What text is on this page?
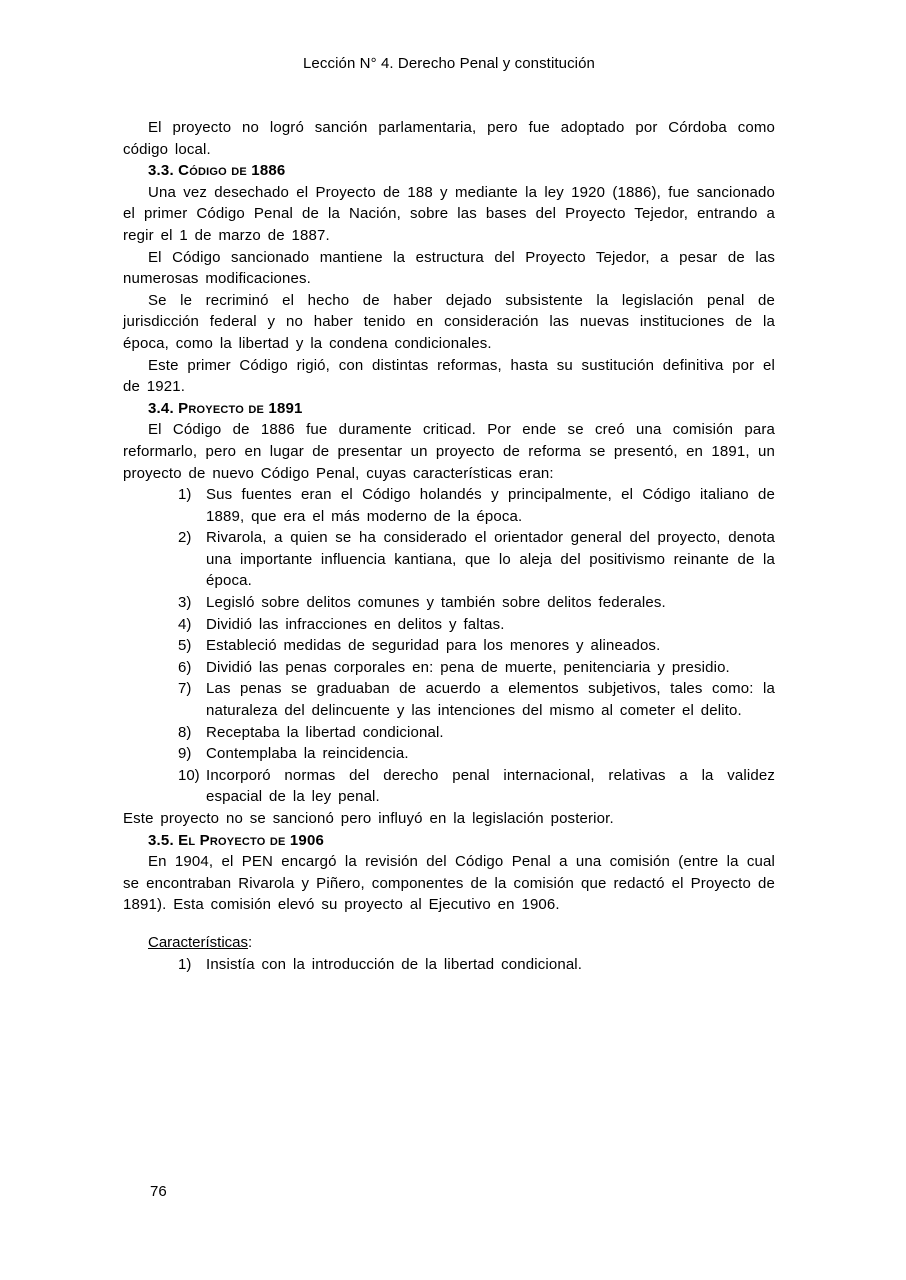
Lección N° 4. Derecho Penal y constitución

El proyecto no logró sanción parlamentaria, pero fue adoptado por Córdoba como código local.

3.3. Código de 1886

Una vez desechado el Proyecto de 188 y mediante la ley 1920 (1886), fue sancionado el primer Código Penal de la Nación, sobre las bases del Proyecto Tejedor, entrando a regir el 1 de marzo de 1887.

El Código sancionado mantiene la estructura del Proyecto Tejedor, a pesar de las numerosas modificaciones.

Se le recriminó el hecho de haber dejado subsistente la legislación penal de jurisdicción federal y no haber tenido en consideración las nuevas instituciones de la época, como la libertad y la condena condicionales.

Este primer Código rigió, con distintas reformas, hasta su sustitución definitiva por el de 1921.

3.4. Proyecto de 1891

El Código de 1886 fue duramente criticad. Por ende se creó una comisión para reformarlo, pero en lugar de presentar un proyecto de reforma se presentó, en 1891, un proyecto de nuevo Código Penal, cuyas características eran:

1) Sus fuentes eran el Código holandés y principalmente, el Código italiano de 1889, que era el más moderno de la época.
2) Rivarola, a quien se ha considerado el orientador general del proyecto, denota una importante influencia kantiana, que lo aleja del positivismo reinante de la época.
3) Legisló sobre delitos comunes y también sobre delitos federales.
4) Dividió las infracciones en delitos y faltas.
5) Estableció medidas de seguridad para los menores y alineados.
6) Dividió las penas corporales en: pena de muerte, penitenciaria y presidio.
7) Las penas se graduaban de acuerdo a elementos subjetivos, tales como: la naturaleza del delincuente y las intenciones del mismo al cometer el delito.
8) Receptaba la libertad condicional.
9) Contemplaba la reincidencia.
10) Incorporó normas del derecho penal internacional, relativas a la validez espacial de la ley penal.

Este proyecto no se sancionó pero influyó en la legislación posterior.

3.5. El Proyecto de 1906

En 1904, el PEN encargó la revisión del Código Penal a una comisión (entre la cual se encontraban Rivarola y Piñero, componentes de la comisión que redactó el Proyecto de 1891). Esta comisión elevó su proyecto al Ejecutivo en 1906.

Características:

1) Insistía con la introducción de la libertad condicional.
76
